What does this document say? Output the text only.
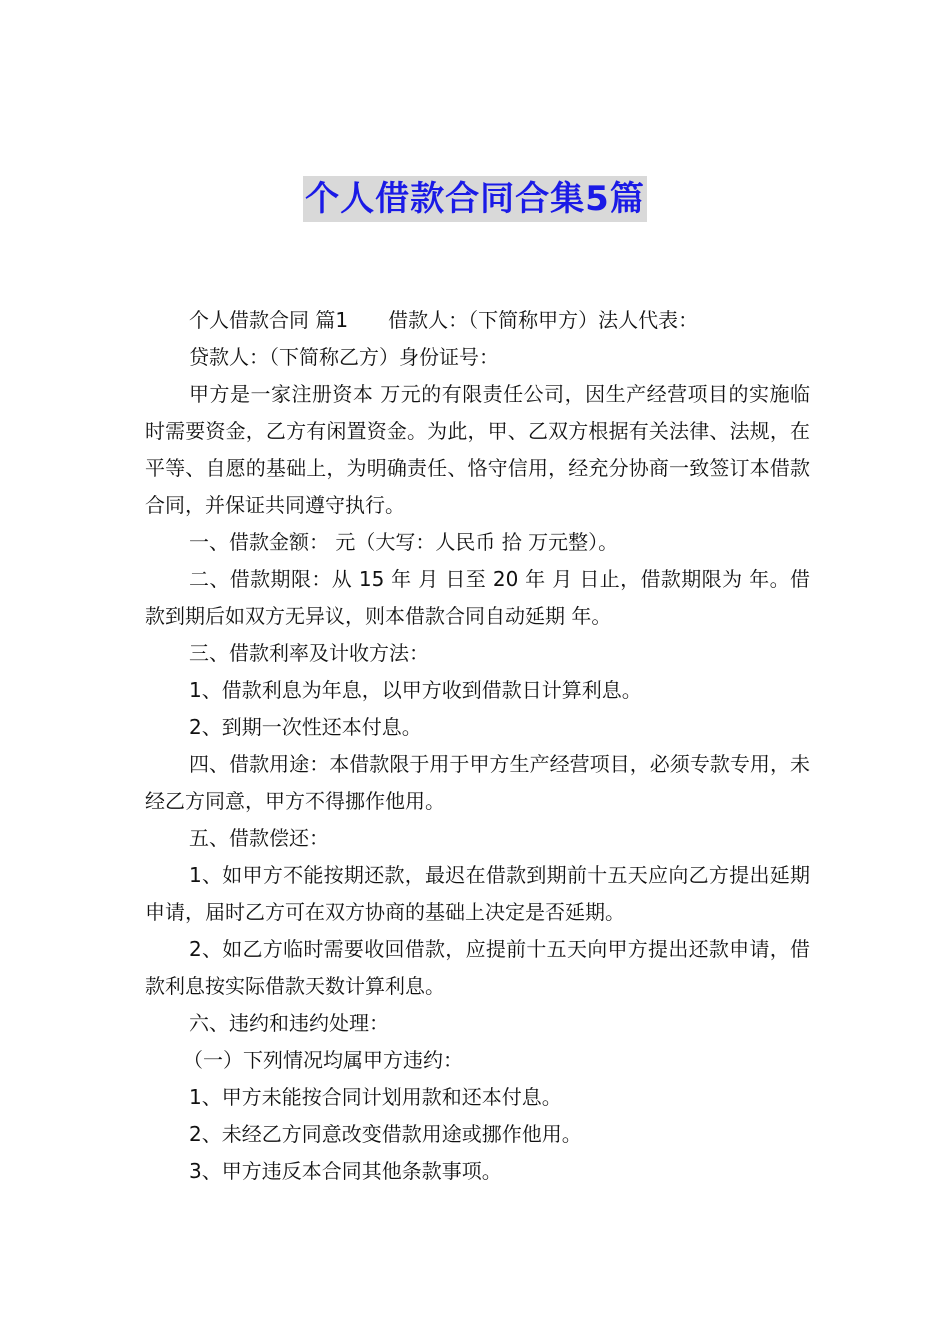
个人借款合同合集5篇

个人借款合同 篇1　　借款人：（下简称甲方）法人代表：

贷款人：（下简称乙方）身份证号：

甲方是一家注册资本 万元的有限责任公司，因生产经营项目的实施临时需要资金，乙方有闲置资金。为此，甲、乙双方根据有关法律、法规，在平等、自愿的基础上，为明确责任、恪守信用，经充分协商一致签订本借款合同，并保证共同遵守执行。

一、借款金额： 元（大写：人民币 拾 万元整）。

二、借款期限：从 15 年 月 日至 20 年 月 日止，借款期限为 年。借款到期后如双方无异议，则本借款合同自动延期 年。

三、借款利率及计收方法：

1、借款利息为年息，以甲方收到借款日计算利息。

2、到期一次性还本付息。

四、借款用途：本借款限于用于甲方生产经营项目，必须专款专用，未经乙方同意，甲方不得挪作他用。

五、借款偿还：

1、如甲方不能按期还款，最迟在借款到期前十五天应向乙方提出延期申请，届时乙方可在双方协商的基础上决定是否延期。

2、如乙方临时需要收回借款，应提前十五天向甲方提出还款申请，借款利息按实际借款天数计算利息。

六、违约和违约处理：

（一）下列情况均属甲方违约：

1、甲方未能按合同计划用款和还本付息。

2、未经乙方同意改变借款用途或挪作他用。

3、甲方违反本合同其他条款事项。
